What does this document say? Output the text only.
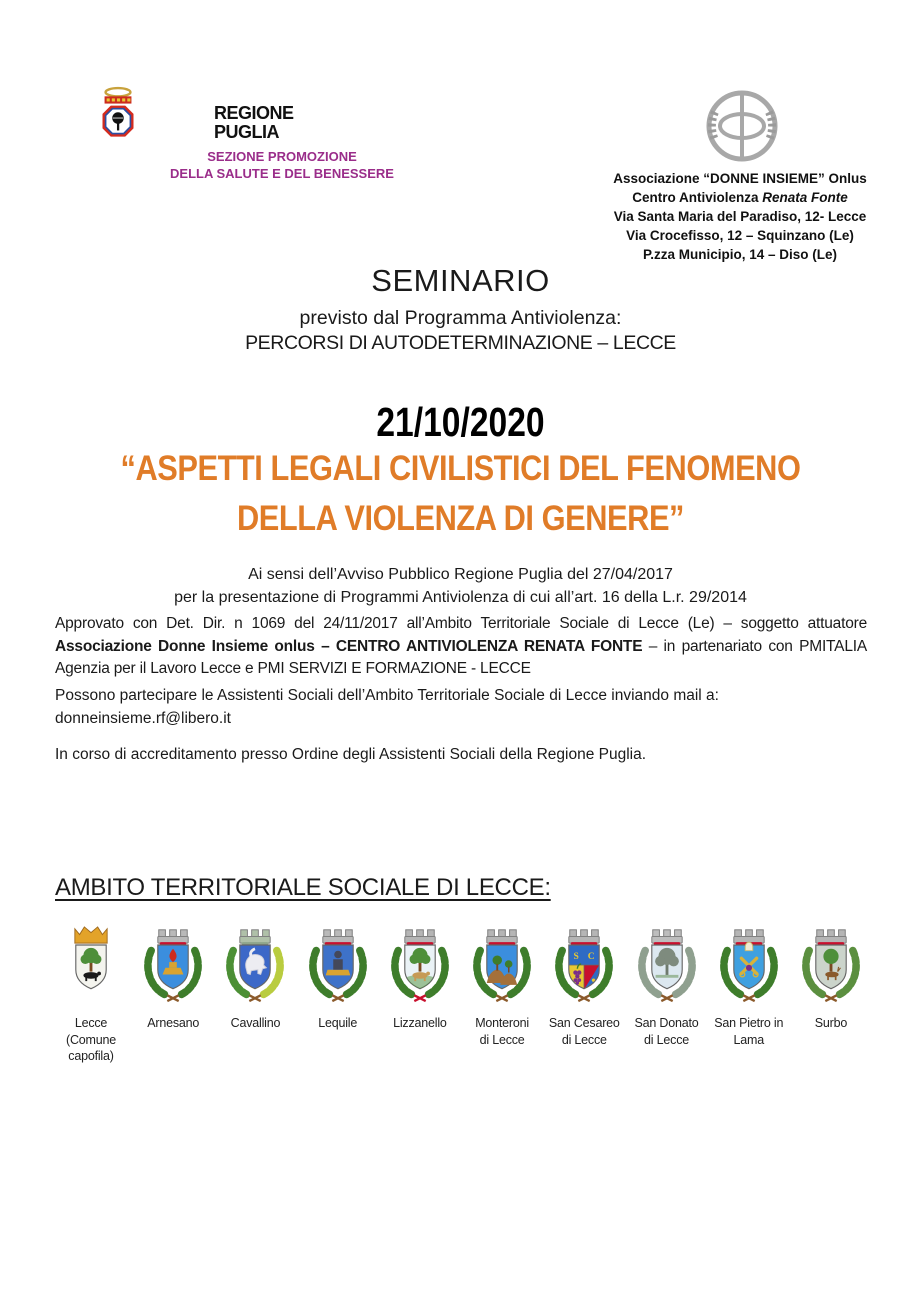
REGIONE
PUGLIA
SEZIONE PROMOZIONE
DELLA SALUTE E DEL BENESSERE	Associazione “DONNE INSIEME” Onlus
Centro Antiviolenza Renata Fonte
Via Santa Maria del Paradiso, 12- Lecce
Via Crocefisso, 12 – Squinzano (Le)
P.zza Municipio, 14 – Diso (Le)
SEMINARIO
previsto dal Programma Antiviolenza:
PERCORSI DI AUTODETERMINAZIONE – LECCE
21/10/2020
“ASPETTI LEGALI CIVILISTICI DEL FENOMENO
DELLA VIOLENZA DI GENERE”
Ai sensi dell’Avviso Pubblico Regione Puglia del 27/04/2017
per la presentazione di Programmi Antiviolenza di cui all’art. 16 della L.r. 29/2014
Approvato con Det. Dir. n 1069 del 24/11/2017 all’Ambito Territoriale Sociale di Lecce (Le) – soggetto attuatore Associazione Donne Insieme onlus – CENTRO ANTIVIOLENZA RENATA FONTE – in partenariato con PMITALIA Agenzia per il Lavoro Lecce e PMI SERVIZI E FORMAZIONE - LECCE
Possono partecipare le Assistenti Sociali dell’Ambito Territoriale Sociale di Lecce inviando mail a:
donneinsieme.rf@libero.it
In corso di accreditamento presso Ordine degli Assistenti Sociali della Regione Puglia.
AMBITO TERRITORIALE SOCIALE DI LECCE:
Lecce
(Comune
capofila)
Arnesano	Cavallino	Lequile	Lizzanello Monteroni
di Lecce
S C
San Cesareo
di Lecce
San Donato
di Lecce
San Pietro in
Lama
Surbo
